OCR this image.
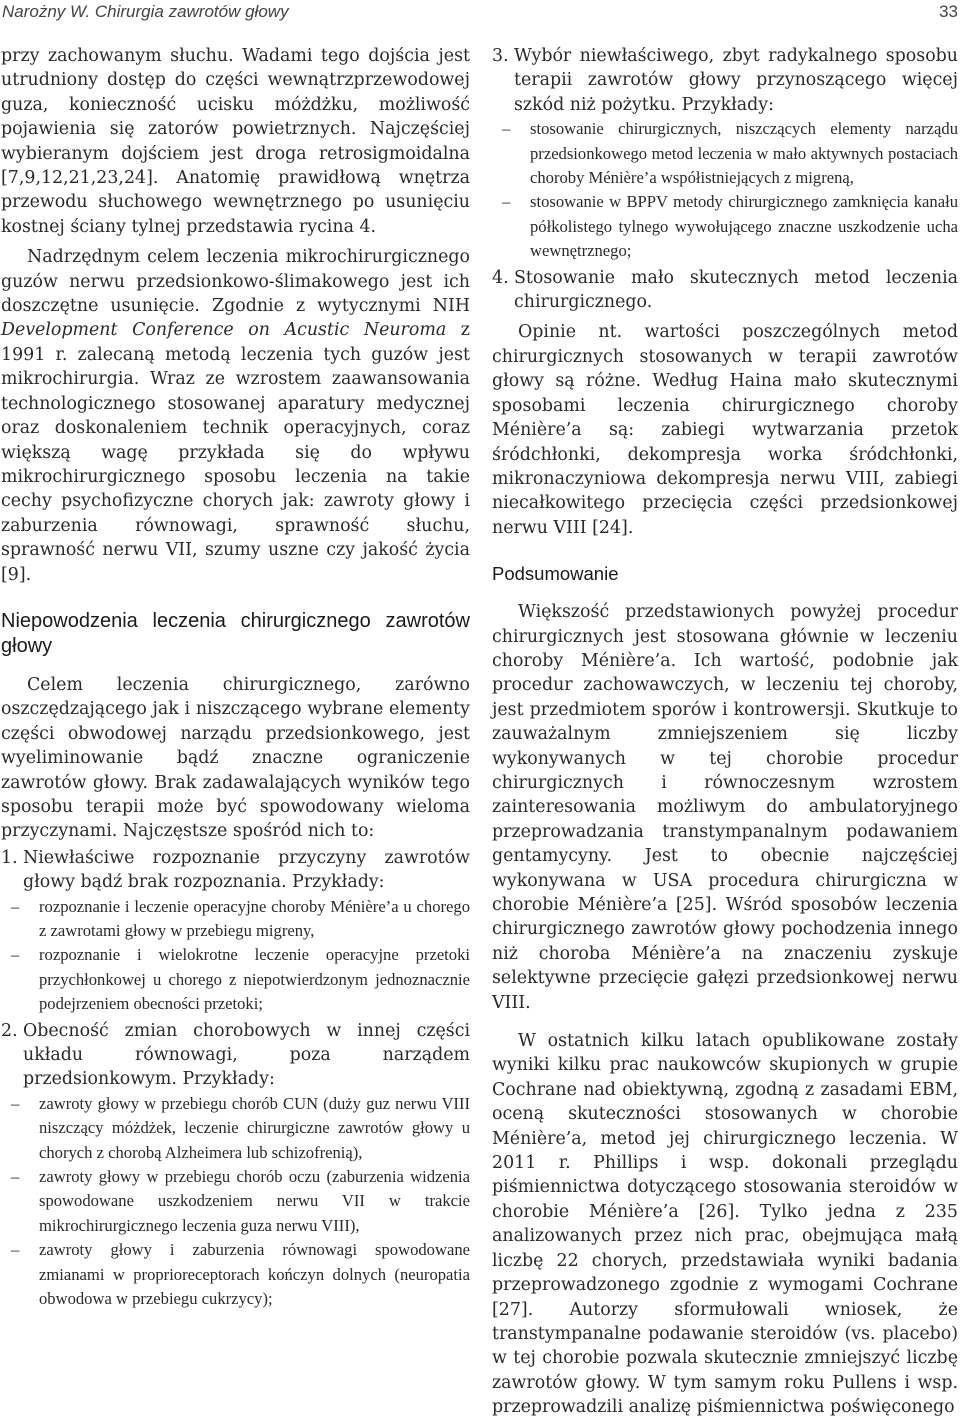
Narożny W. Chirurgia zawrotów głowy	33

przy zachowanym słuchu. Wadami tego dojścia jest utrudniony dostęp do części wewnątrzprzewodowej guza, konieczność ucisku móżdżku, możliwość pojawienia się zatorów powietrznych. Najczęściej wybieranym dojściem jest droga retrosigmoidalna [7,9,12,21,23,24]. Anatomię prawidłową wnętrza przewodu słuchowego wewnętrznego po usunięciu kostnej ściany tylnej przedstawia rycina 4.

Nadrzędnym celem leczenia mikrochirurgicznego guzów nerwu przedsionkowo-ślimakowego jest ich doszczętne usunięcie. Zgodnie z wytycznymi NIH Development Conference on Acustic Neuroma z 1991 r. zalecaną metodą leczenia tych guzów jest mikrochirurgia. Wraz ze wzrostem zaawansowania technologicznego stosowanej aparatury medycznej oraz doskonaleniem technik operacyjnych, coraz większą wagę przykłada się do wpływu mikrochirurgicznego sposobu leczenia na takie cechy psychofizyczne chorych jak: zawroty głowy i zaburzenia równowagi, sprawność słuchu, sprawność nerwu VII, szumy uszne czy jakość życia [9].

Niepowodzenia leczenia chirurgicznego zawrotów głowy

Celem leczenia chirurgicznego, zarówno oszczędzającego jak i niszczącego wybrane elementy części obwodowej narządu przedsionkowego, jest wyeliminowanie bądź znaczne ograniczenie zawrotów głowy. Brak zadawalających wyników tego sposobu terapii może być spowodowany wieloma przyczynami. Najczęstsze spośród nich to:

1. Niewłaściwe rozpoznanie przyczyny zawrotów głowy bądź brak rozpoznania. Przykłady:
–	rozpoznanie i leczenie operacyjne choroby Ménière’a u chorego z zawrotami głowy w przebiegu migreny,
–	rozpoznanie i wielokrotne leczenie operacyjne przetoki przychłonkowej u chorego z niepotwierdzonym jednoznacznie podejrzeniem obecności przetoki;
2. Obecność zmian chorobowych w innej części układu równowagi, poza narządem przedsionkowym. Przykłady:
–	zawroty głowy w przebiegu chorób CUN (duży guz nerwu VIII niszczący móżdżek, leczenie chirurgiczne zawrotów głowy u chorych z chorobą Alzheimera lub schizofrenią),
–	zawroty głowy w przebiegu chorób oczu (zaburzenia widzenia spowodowane uszkodzeniem nerwu VII w trakcie mikrochirurgicznego leczenia guza nerwu VIII),
–	zawroty głowy i zaburzenia równowagi spowodowane zmianami w proprioreceptorach kończyn dolnych (neuropatia obwodowa w przebiegu cukrzycy);
3. Wybór niewłaściwego, zbyt radykalnego sposobu terapii zawrotów głowy przynoszącego więcej szkód niż pożytku. Przykłady:
–	stosowanie chirurgicznych, niszczących elementy narządu przedsionkowego metod leczenia w mało aktywnych postaciach choroby Ménière’a współistniejących z migreną,
–	stosowanie w BPPV metody chirurgicznego zamknięcia kanału półkolistego tylnego wywołującego znaczne uszkodzenie ucha wewnętrznego;
4. Stosowanie mało skutecznych metod leczenia chirurgicznego.

Opinie nt. wartości poszczególnych metod chirurgicznych stosowanych w terapii zawrotów głowy są różne. Według Haina mało skutecznymi sposobami leczenia chirurgicznego choroby Ménière’a są: zabiegi wytwarzania przetok śródchłonki, dekompresja worka śródchłonki, mikronaczyniowa dekompresja nerwu VIII, zabiegi niecałkowitego przecięcia części przedsionkowej nerwu VIII [24].

Podsumowanie

Większość przedstawionych powyżej procedur chirurgicznych jest stosowana głównie w leczeniu choroby Ménière’a. Ich wartość, podobnie jak procedur zachowawczych, w leczeniu tej choroby, jest przedmiotem sporów i kontrowersji. Skutkuje to zauważalnym zmniejszeniem się liczby wykonywanych w tej chorobie procedur chirurgicznych i równoczesnym wzrostem zainteresowania możliwym do ambulatoryjnego przeprowadzania transtympanalnym podawaniem gentamycyny. Jest to obecnie najczęściej wykonywana w USA procedura chirurgiczna w chorobie Ménière’a [25]. Wśród sposobów leczenia chirurgicznego zawrotów głowy pochodzenia innego niż choroba Ménière’a na znaczeniu zyskuje selektywne przecięcie gałęzi przedsionkowej nerwu VIII.

W ostatnich kilku latach opublikowane zostały wyniki kilku prac naukowców skupionych w grupie Cochrane nad obiektywną, zgodną z zasadami EBM, oceną skuteczności stosowanych w chorobie Ménière’a, metod jej chirurgicznego leczenia. W 2011 r. Phillips i wsp. dokonali przeglądu piśmiennictwa dotyczącego stosowania steroidów w chorobie Ménière’a [26]. Tylko jedna z 235 analizowanych przez nich prac, obejmująca małą liczbę 22 chorych, przedstawiała wyniki badania przeprowadzonego zgodnie z wymogami Cochrane [27]. Autorzy sformułowali wniosek, że transtympanalne podawanie steroidów (vs. placebo) w tej chorobie pozwala skutecznie zmniejszyć liczbę zawrotów głowy. W tym samym roku Pullens i wsp. przeprowadzili analizę piśmiennictwa poświęconego
